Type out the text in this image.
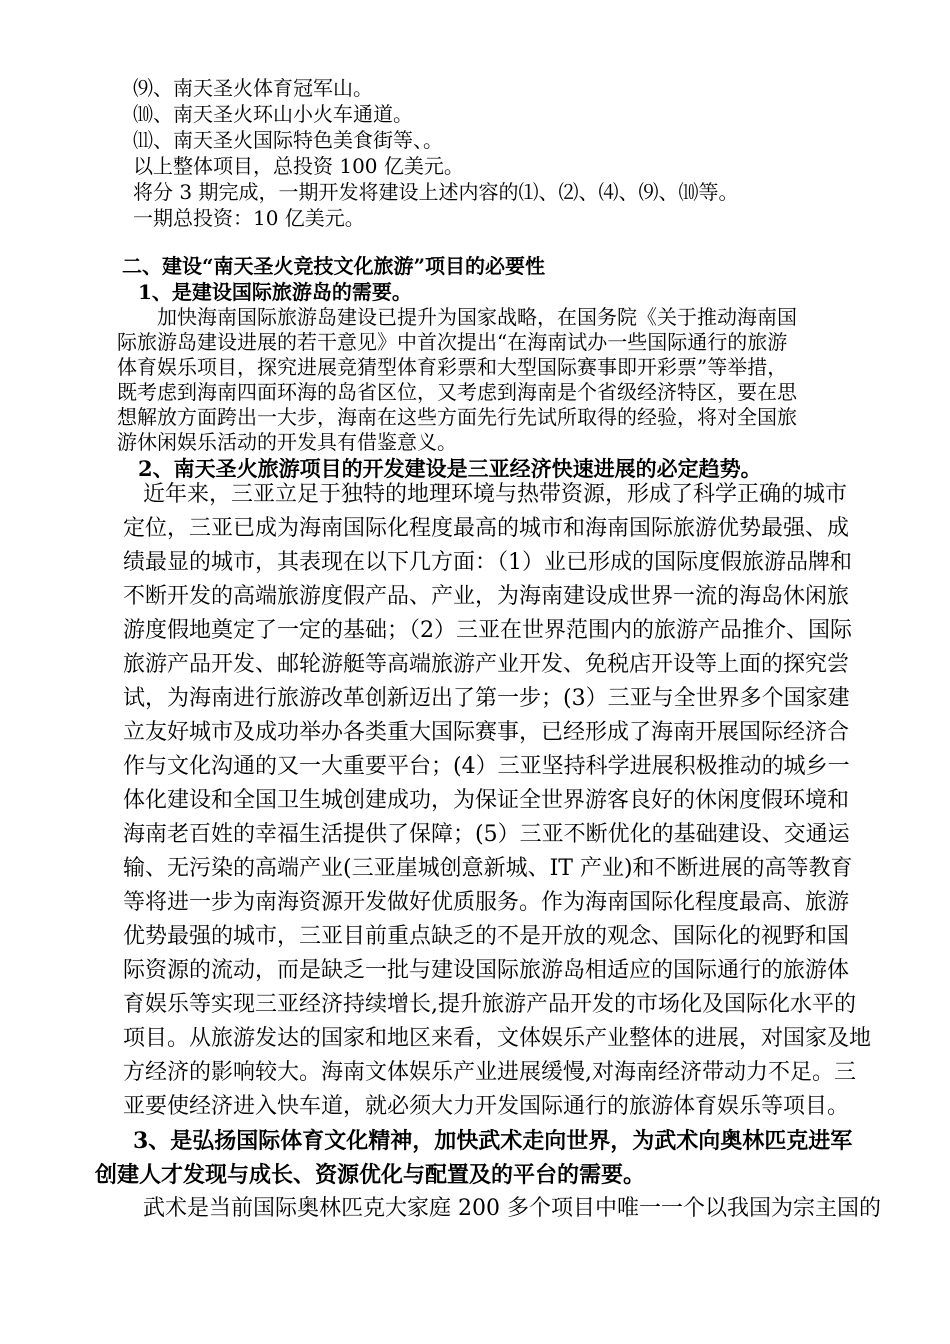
⑼、南天圣火体育冠军山。
⑽、南天圣火环山小火车通道。
⑾、南天圣火国际特色美食街等、。
以上整体项目，总投资 100 亿美元。
将分 3 期完成，一期开发将建设上述内容的⑴、⑵、⑷、⑼、⑽等。
一期总投资：10 亿美元。
二、建设“南天圣火竞技文化旅游”项目的必要性
1、是建设国际旅游岛的需要。
加快海南国际旅游岛建设已提升为国家战略，在国务院《关于推动海南国
际旅游岛建设进展的若干意见》中首次提出“在海南试办一些国际通行的旅游
体育娱乐项目，探究进展竞猜型体育彩票和大型国际赛事即开彩票”等举措，
既考虑到海南四面环海的岛省区位，又考虑到海南是个省级经济特区，要在思
想解放方面跨出一大步，海南在这些方面先行先试所取得的经验，将对全国旅
游休闲娱乐活动的开发具有借鉴意义。
2、南天圣火旅游项目的开发建设是三亚经济快速进展的必定趋势。
近年来，三亚立足于独特的地理环境与热带资源，形成了科学正确的城市
定位，三亚已成为海南国际化程度最高的城市和海南国际旅游优势最强、成
绩最显的城市，其表现在以下几方面：（1）业已形成的国际度假旅游品牌和
不断开发的高端旅游度假产品、产业，为海南建设成世界一流的海岛休闲旅
游度假地奠定了一定的基础；（2）三亚在世界范围内的旅游产品推介、国际
旅游产品开发、邮轮游艇等高端旅游产业开发、免税店开设等上面的探究尝
试，为海南进行旅游改革创新迈出了第一步；(3）三亚与全世界多个国家建
立友好城市及成功举办各类重大国际赛事，已经形成了海南开展国际经济合
作与文化沟通的又一大重要平台；(4）三亚坚持科学进展积极推动的城乡一
体化建设和全国卫生城创建成功，为保证全世界游客良好的休闲度假环境和
海南老百姓的幸福生活提供了保障；(5）三亚不断优化的基础建设、交通运
输、无污染的高端产业(三亚崖城创意新城、IT 产业)和不断进展的高等教育
等将进一步为南海资源开发做好优质服务。作为海南国际化程度最高、旅游
优势最强的城市，三亚目前重点缺乏的不是开放的观念、国际化的视野和国
际资源的流动，而是缺乏一批与建设国际旅游岛相适应的国际通行的旅游体
育娱乐等实现三亚经济持续增长,提升旅游产品开发的市场化及国际化水平的
项目。从旅游发达的国家和地区来看，文体娱乐产业整体的进展，对国家及地
方经济的影响较大。海南文体娱乐产业进展缓慢,对海南经济带动力不足。三
亚要使经济进入快车道，就必须大力开发国际通行的旅游体育娱乐等项目。
3、是弘扬国际体育文化精神，加快武术走向世界，为武术向奥林匹克进军
创建人才发现与成长、资源优化与配置及的平台的需要。
武术是当前国际奥林匹克大家庭 200 多个项目中唯一一个以我国为宗主国的
